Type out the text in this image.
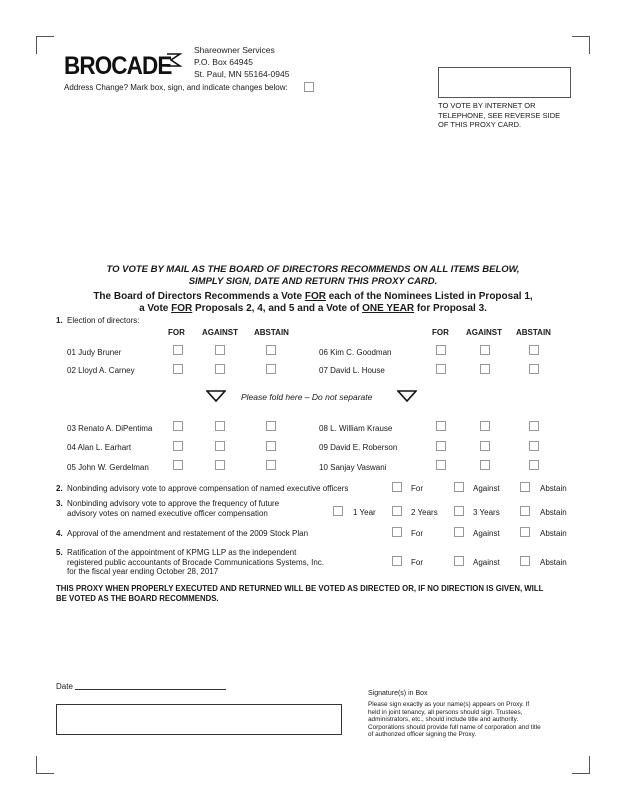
BROCADE
Shareowner Services
P.O. Box 64945
St. Paul, MN 55164-0945
Address Change? Mark box, sign, and indicate changes below:
TO VOTE BY INTERNET OR
TELEPHONE, SEE REVERSE SIDE
OF THIS PROXY CARD.
TO VOTE BY MAIL AS THE BOARD OF DIRECTORS RECOMMENDS ON ALL ITEMS BELOW,
SIMPLY SIGN, DATE AND RETURN THIS PROXY CARD.
The Board of Directors Recommends a Vote FOR each of the Nominees Listed in Proposal 1,
a Vote FOR Proposals 2, 4, and 5 and a Vote of ONE YEAR for Proposal 3.
1. Election of directors:
FOR AGAINST ABSTAIN	FOR AGAINST ABSTAIN
01 Judy Bruner
02 Lloyd A. Carney
03 Renato A. DiPentima
04 Alan L. Earhart
05 John W. Gerdelman
06 Kim C. Goodman
07 David L. House
08 L. William Krause
09 David E. Roberson
10 Sanjay Vaswani
Please fold here – Do not separate
2. Nonbinding advisory vote to approve compensation of named executive officers	For	Against	Abstain
3. Nonbinding advisory vote to approve the frequency of future
advisory votes on named executive officer compensation	1 Year	2 Years	3 Years	Abstain
4. Approval of the amendment and restatement of the 2009 Stock Plan	For	Against	Abstain
5. Ratification of the appointment of KPMG LLP as the independent
registered public accountants of Brocade Communications Systems, Inc.
for the fiscal year ending October 28, 2017
For	Against	Abstain
THIS PROXY WHEN PROPERLY EXECUTED AND RETURNED WILL BE VOTED AS DIRECTED OR, IF NO DIRECTION IS GIVEN, WILL
BE VOTED AS THE BOARD RECOMMENDS.
Date
Signature(s) in Box
Please sign exactly as your name(s) appears on Proxy. If
held in joint tenancy, all persons should sign. Trustees,
administrators, etc., should include title and authority.
Corporations should provide full name of corporation and title
of authorized officer signing the Proxy.
